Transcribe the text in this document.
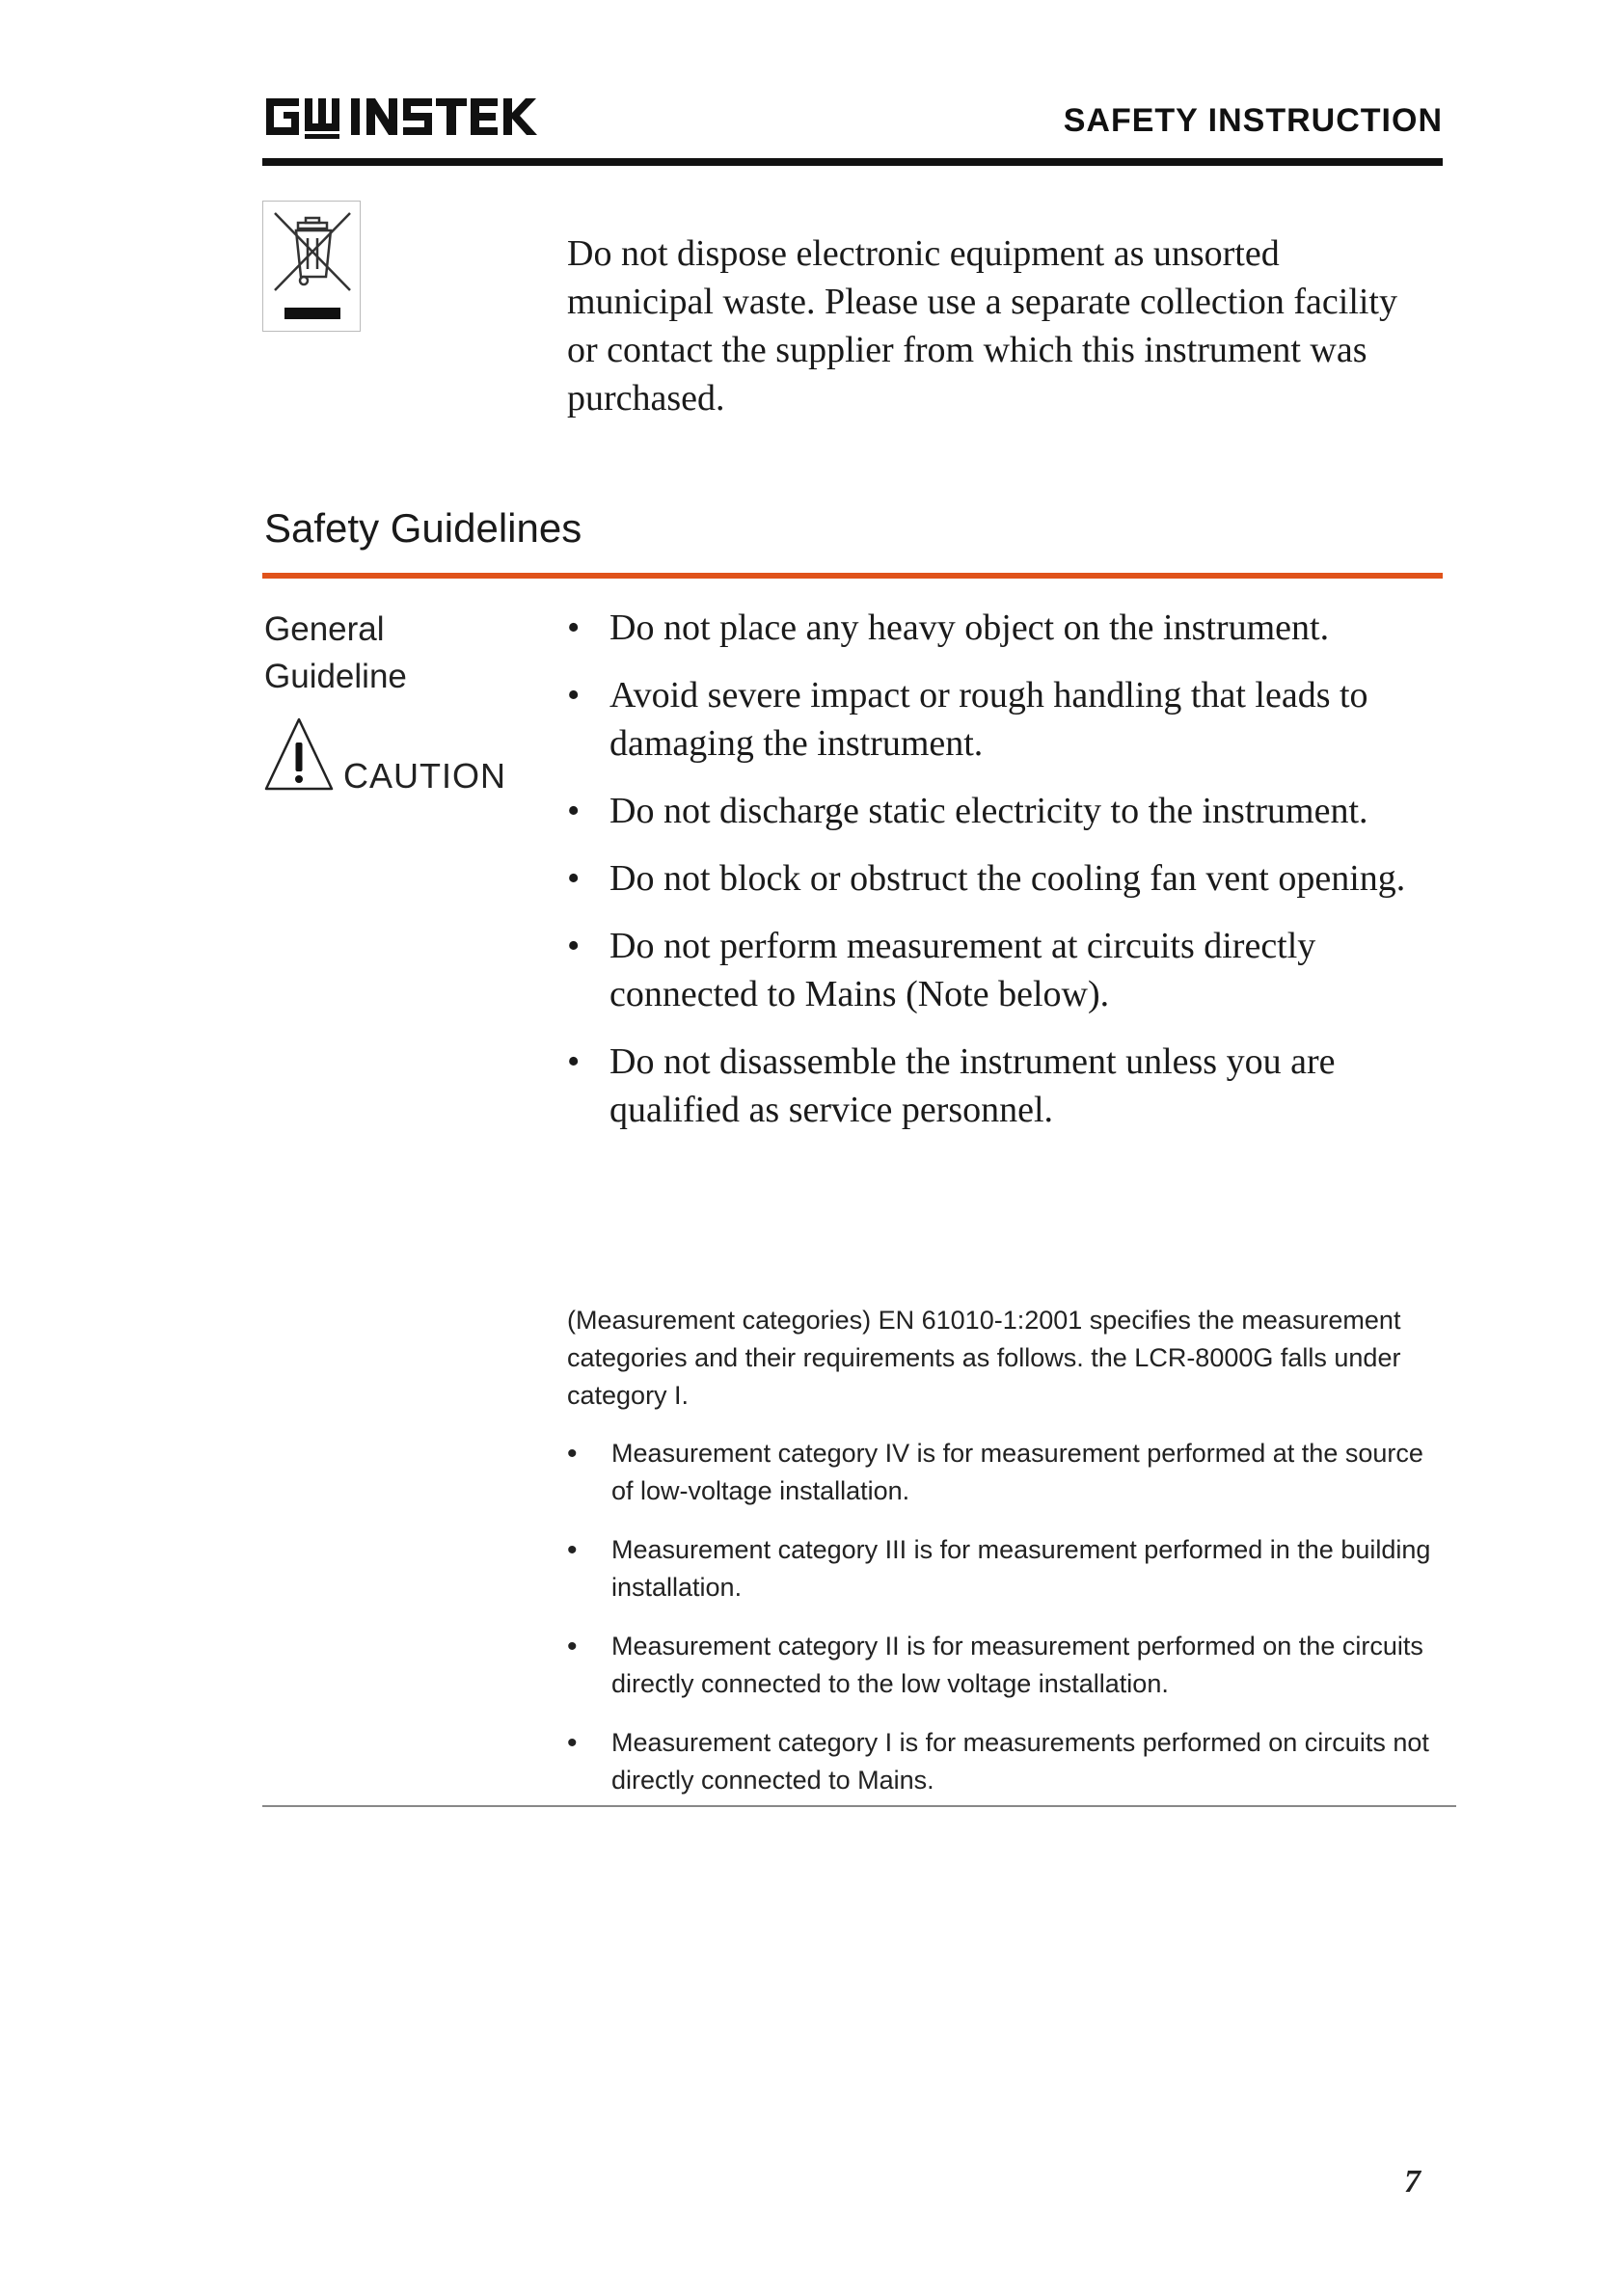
SAFETY INSTRUCTION
Do not dispose electronic equipment as unsorted municipal waste. Please use a separate collection facility or contact the supplier from which this instrument was purchased.
Safety Guidelines
General
Guideline
CAUTION
• Do not place any heavy object on the instrument.
• Avoid severe impact or rough handling that leads to damaging the instrument.
• Do not discharge static electricity to the instrument.
• Do not block or obstruct the cooling fan vent opening.
• Do not perform measurement at circuits directly connected to Mains (Note below).
• Do not disassemble the instrument unless you are qualified as service personnel.
(Measurement categories) EN 61010-1:2001 specifies the measurement categories and their requirements as follows. the LCR-8000G falls under category I.
• Measurement category IV is for measurement performed at the source of low-voltage installation.
• Measurement category III is for measurement performed in the building installation.
• Measurement category II is for measurement performed on the circuits directly connected to the low voltage installation.
• Measurement category I is for measurements performed on circuits not directly connected to Mains.
7
